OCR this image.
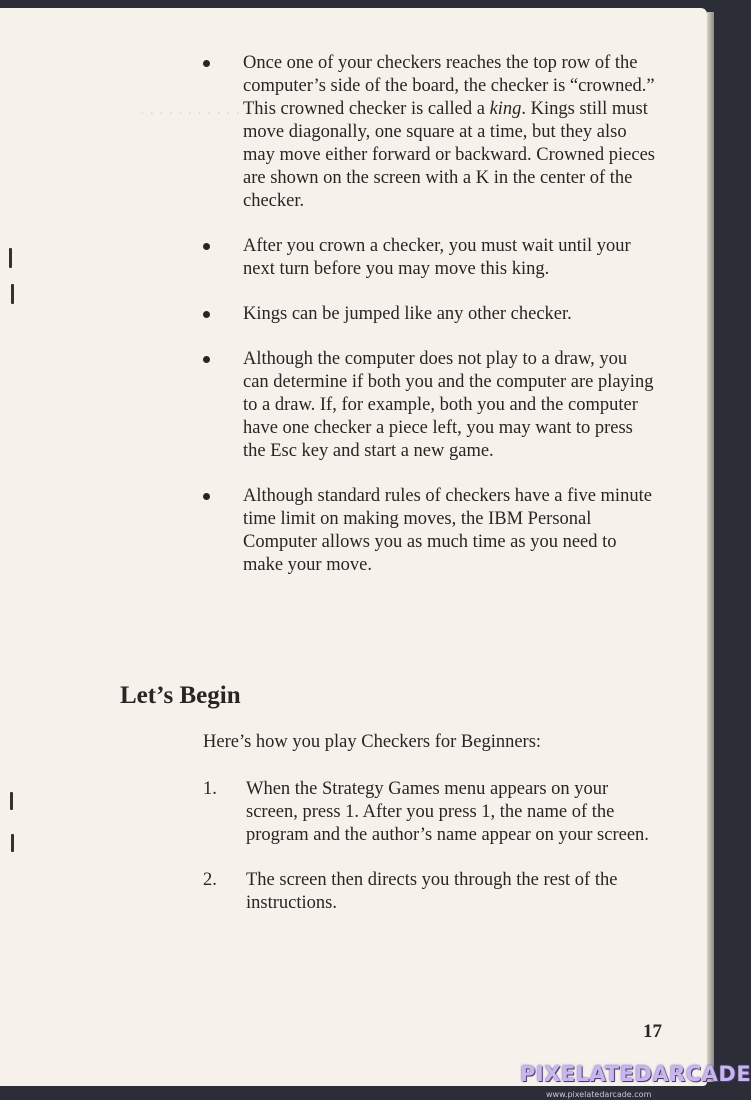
. . . . . . . . . . . . . . .
Once one of your checkers reaches the top row of the computer’s side of the board, the checker is “crowned.” This crowned checker is called a king. Kings still must move diagonally, one square at a time, but they also may move either forward or backward. Crowned pieces are shown on the screen with a K in the center of the checker.
After you crown a checker, you must wait until your next turn before you may move this king.
Kings can be jumped like any other checker.
Although the computer does not play to a draw, you can determine if both you and the computer are playing to a draw. If, for example, both you and the computer have one checker a piece left, you may want to press the Esc key and start a new game.
Although standard rules of checkers have a five minute time limit on making moves, the IBM Personal Computer allows you as much time as you need to make your move.
Let’s Begin

Here’s how you play Checkers for Beginners:

1. When the Strategy Games menu appears on your screen, press 1. After you press 1, the name of the program and the author’s name appear on your screen.
2. The screen then directs you through the rest of the instructions.
17
PIXELATEDARCADE
www.pixelatedarcade.com
